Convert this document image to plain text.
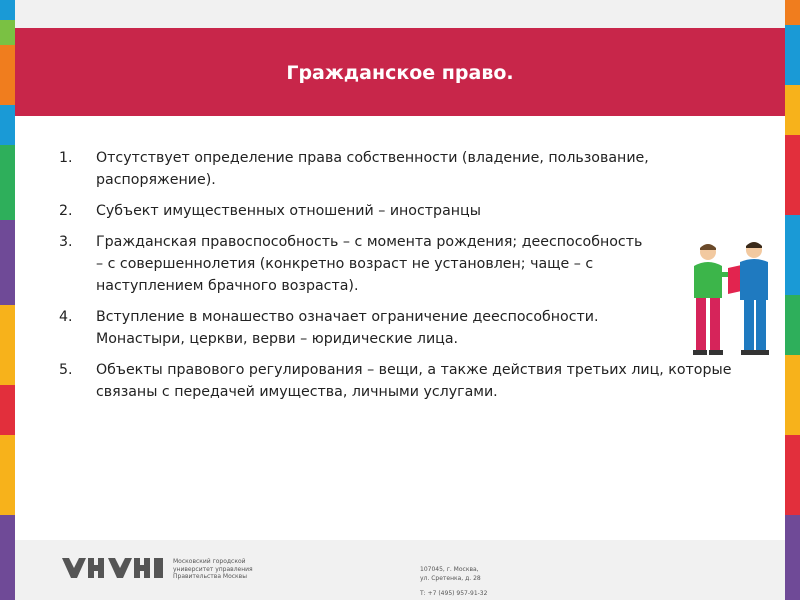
Гражданское право.
1. Отсутствует определение права собственности (владение, пользование, распоряжение).
2. Субъект имущественных отношений – иностранцы
3. Гражданская правоспособность – с момента рождения; дееспособность – с совершеннолетия (конкретно возраст не установлен; чаще – с наступлением брачного возраста).
4. Вступление в монашество означает ограничение дееспособности. Монастыри, церкви, верви – юридические лица.
5. Объекты правового регулирования – вещи, а также действия третьих лиц, которые связаны с передачей имущества, личными услугами.
Московский городской
университет управления
Правительства Москвы
107045, г. Москва,
ул. Сретенка, д. 28
Т: +7 (495) 957-91-32
